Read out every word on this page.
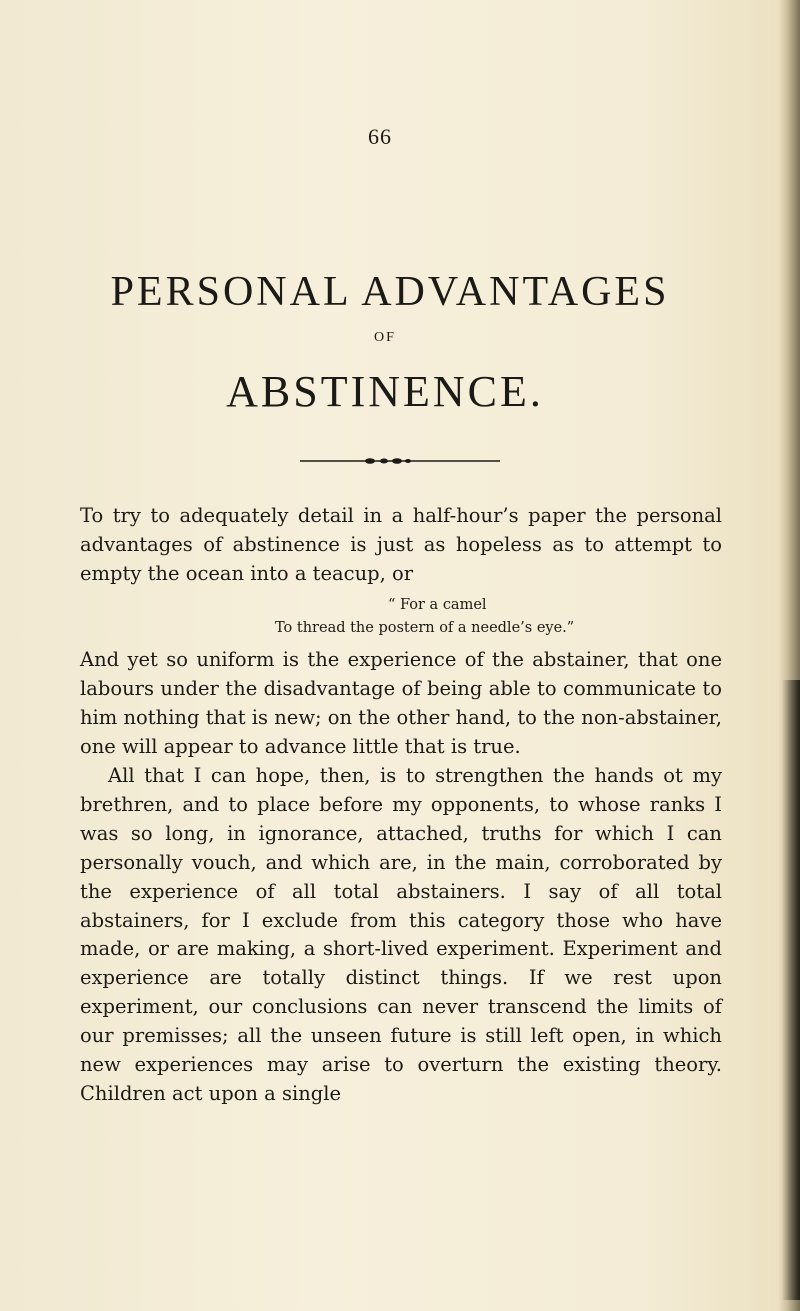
66
PERSONAL ADVANTAGES
OF
ABSTINENCE.

To try to adequately detail in a half-hour’s paper the personal advantages of abstinence is just as hopeless as to attempt to empty the ocean into a teacup, or

“ For a camel
To thread the postern of a needle’s eye.”

And yet so uniform is the experience of the abstainer, that one labours under the disadvantage of being able to communicate to him nothing that is new; on the other hand, to the non-abstainer, one will appear to advance little that is true.

All that I can hope, then, is to strengthen the hands ot my brethren, and to place before my opponents, to whose ranks I was so long, in ignorance, attached, truths for which I can personally vouch, and which are, in the main, corroborated by the experience of all total abstainers. I say of all total abstainers, for I exclude from this category those who have made, or are making, a short-lived experiment. Experiment and experience are totally distinct things. If we rest upon experiment, our conclusions can never transcend the limits of our premisses; all the unseen future is still left open, in which new experiences may arise to overturn the existing theory. Children act upon a single
